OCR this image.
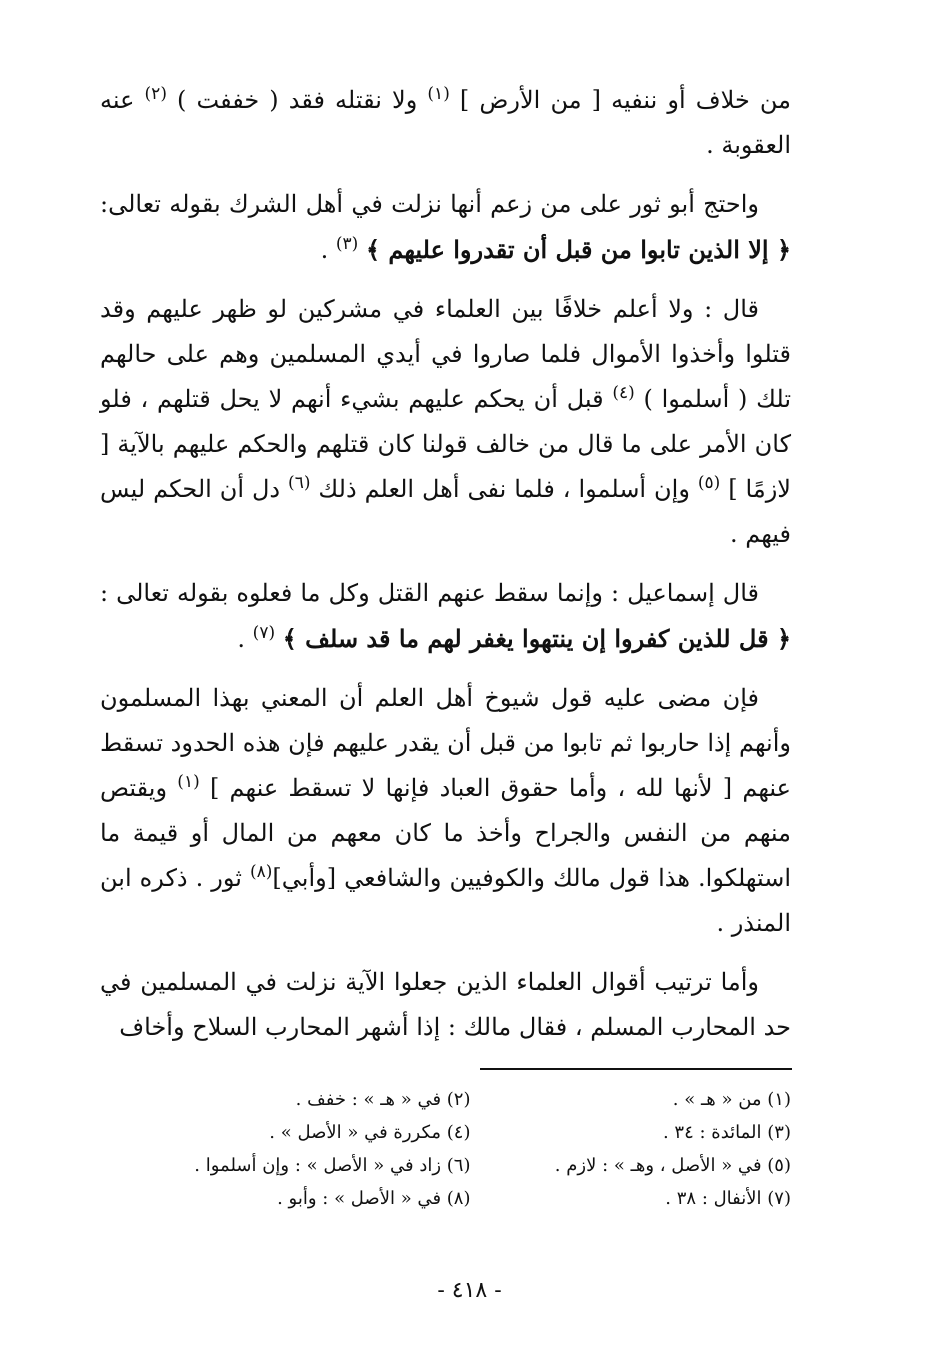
من خلاف أو ننفيه [ من الأرض ] $^{(١)}$ ولا نقتله فقد ( خففت ) $^{(٢)}$ عنه العقوبة .

واحتج أبو ثور على من زعم أنها نزلت في أهل الشرك بقوله تعالى: ﴿ إلا الذين تابوا من قبل أن تقدروا عليهم ﴾ $^{(٣)}$ .

قال : ولا أعلم خلافًا بين العلماء في مشركين لو ظهر عليهم وقد قتلوا وأخذوا الأموال فلما صاروا في أيدي المسلمين وهم على حالهم تلك ( أسلموا ) $^{(٤)}$ قبل أن يحكم عليهم بشيء أنهم لا يحل قتلهم ، فلو كان الأمر على ما قال من خالف قولنا كان قتلهم والحكم عليهم بالآية [ لازمًا ] $^{(٥)}$ وإن أسلموا ، فلما نفى أهل العلم ذلك $^{(٦)}$ دل أن الحكم ليس فيهم .

قال إسماعيل : وإنما سقط عنهم القتل وكل ما فعلوه بقوله تعالى : ﴿ قل للذين كفروا إن ينتهوا يغفر لهم ما قد سلف ﴾ $^{(٧)}$ .

فإن مضى عليه قول شيوخ أهل العلم أن المعني بهذا المسلمون وأنهم إذا حاربوا ثم تابوا من قبل أن يقدر عليهم فإن هذه الحدود تسقط عنهم [ لأنها لله ، وأما حقوق العباد فإنها لا تسقط عنهم ] $^{(١)}$ ويقتص منهم من النفس والجراح وأخذ ما كان معهم من المال أو قيمة ما استهلكوا. هذا قول مالك والكوفيين والشافعي [وأبي]$^{(٨)}$ ثور . ذكره ابن المنذر .

وأما ترتيب أقوال العلماء الذين جعلوا الآية نزلت في المسلمين في حد المحارب المسلم ، فقال مالك : إذا أشهر المحارب السلاح وأخاف

(١) من « هـ » .
(٢) في « هـ » : خفف .
(٣) المائدة : ٣٤ .
(٤) مكررة في « الأصل » .
(٥) في « الأصل ، وهـ » : لازم .
(٦) زاد في « الأصل » : وإن أسلموا .
(٧) الأنفال : ٣٨ .
(٨) في « الأصل » : وأبو .
- ٤١٨ -
